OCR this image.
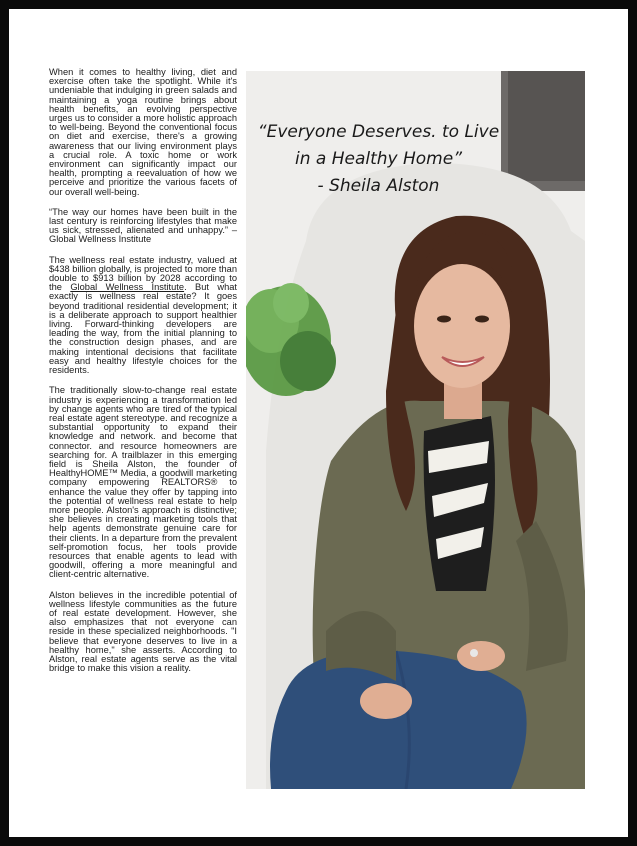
When it comes to healthy living, diet and exercise often take the spotlight. While it's undeniable that indulging in green salads and maintaining a yoga routine brings about health benefits, an evolving perspective urges us to consider a more holistic approach to well-being. Beyond the conventional focus on diet and exercise, there's a growing awareness that our living environment plays a crucial role. A toxic home or work environment can significantly impact our health, prompting a reevaluation of how we perceive and prioritize the various facets of our overall well-being.

“The way our homes have been built in the last century is reinforcing lifestyles that make us sick, stressed, alienated and unhappy.” – Global Wellness Institute

The wellness real estate industry, valued at $438 billion globally, is projected to more than double to $913 billion by 2028 according to the Global Wellness Institute. But what exactly is wellness real estate? It goes beyond traditional residential development; it is a deliberate approach to support healthier living. Forward-thinking developers are leading the way, from the initial planning to the construction design phases, and are making intentional decisions that facilitate easy and healthy lifestyle choices for the residents.

The traditionally slow-to-change real estate industry is experiencing a transformation led by change agents who are tired of the typical real estate agent stereotype. and recognize a substantial opportunity to expand their knowledge and network. and become that connector. and resource homeowners are searching for. A trailblazer in this emerging field is Sheila Alston, the founder of HealthyHOME™ Media, a goodwill marketing company empowering REALTORS® to enhance the value they offer by tapping into the potential of wellness real estate to help more people. Alston's approach is distinctive; she believes in creating marketing tools that help agents demonstrate genuine care for their clients. In a departure from the prevalent self-promotion focus, her tools provide resources that enable agents to lead with goodwill, offering a more meaningful and client-centric alternative.

Alston believes in the incredible potential of wellness lifestyle communities as the future of real estate development. However, she also emphasizes that not everyone can reside in these specialized neighborhoods. "I believe that everyone deserves to live in a healthy home," she asserts. According to Alston, real estate agents serve as the vital bridge to make this vision a reality.

“Everyone Deserves. to Live
in a Healthy Home”
- Sheila Alston
